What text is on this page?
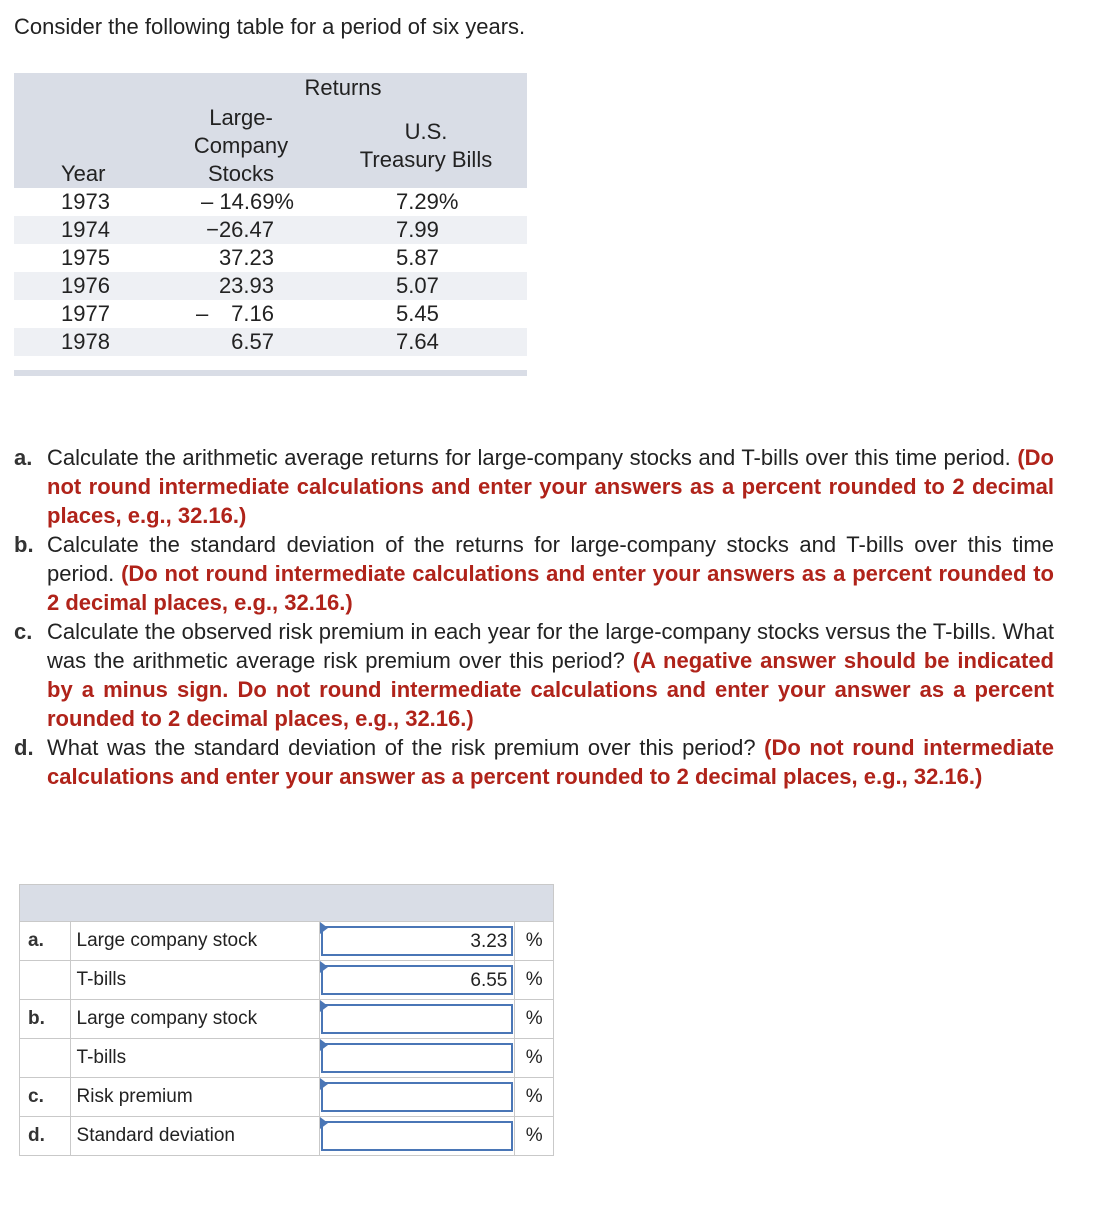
Consider the following table for a period of six years.
Returns
Year
Large-
Company
Stocks
U.S.
Treasury Bills
1973	– 14.69%	7.29%
1974	−26.47	7.99
1975	37.23	5.87
1976	23.93	5.07
1977	– 7.16	5.45
1978	6.57	7.64
a. Calculate the arithmetic average returns for large-company stocks and T-bills over this time period. (Do not round intermediate calculations and enter your answers as a percent rounded to 2 decimal places, e.g., 32.16.)
b. Calculate the standard deviation of the returns for large-company stocks and T-bills over this time period. (Do not round intermediate calculations and enter your answers as a percent rounded to 2 decimal places, e.g., 32.16.)
c. Calculate the observed risk premium in each year for the large-company stocks versus the T-bills. What was the arithmetic average risk premium over this period? (A negative answer should be indicated by a minus sign. Do not round intermediate calculations and enter your answer as a percent rounded to 2 decimal places, e.g., 32.16.)
d. What was the standard deviation of the risk premium over this period? (Do not round intermediate calculations and enter your answer as a percent rounded to 2 decimal places, e.g., 32.16.)

a.	Large company stock	3.23	%
	T-bills	6.55	%
b.	Large company stock		%
	T-bills		%
c.	Risk premium		%
d.	Standard deviation		%
